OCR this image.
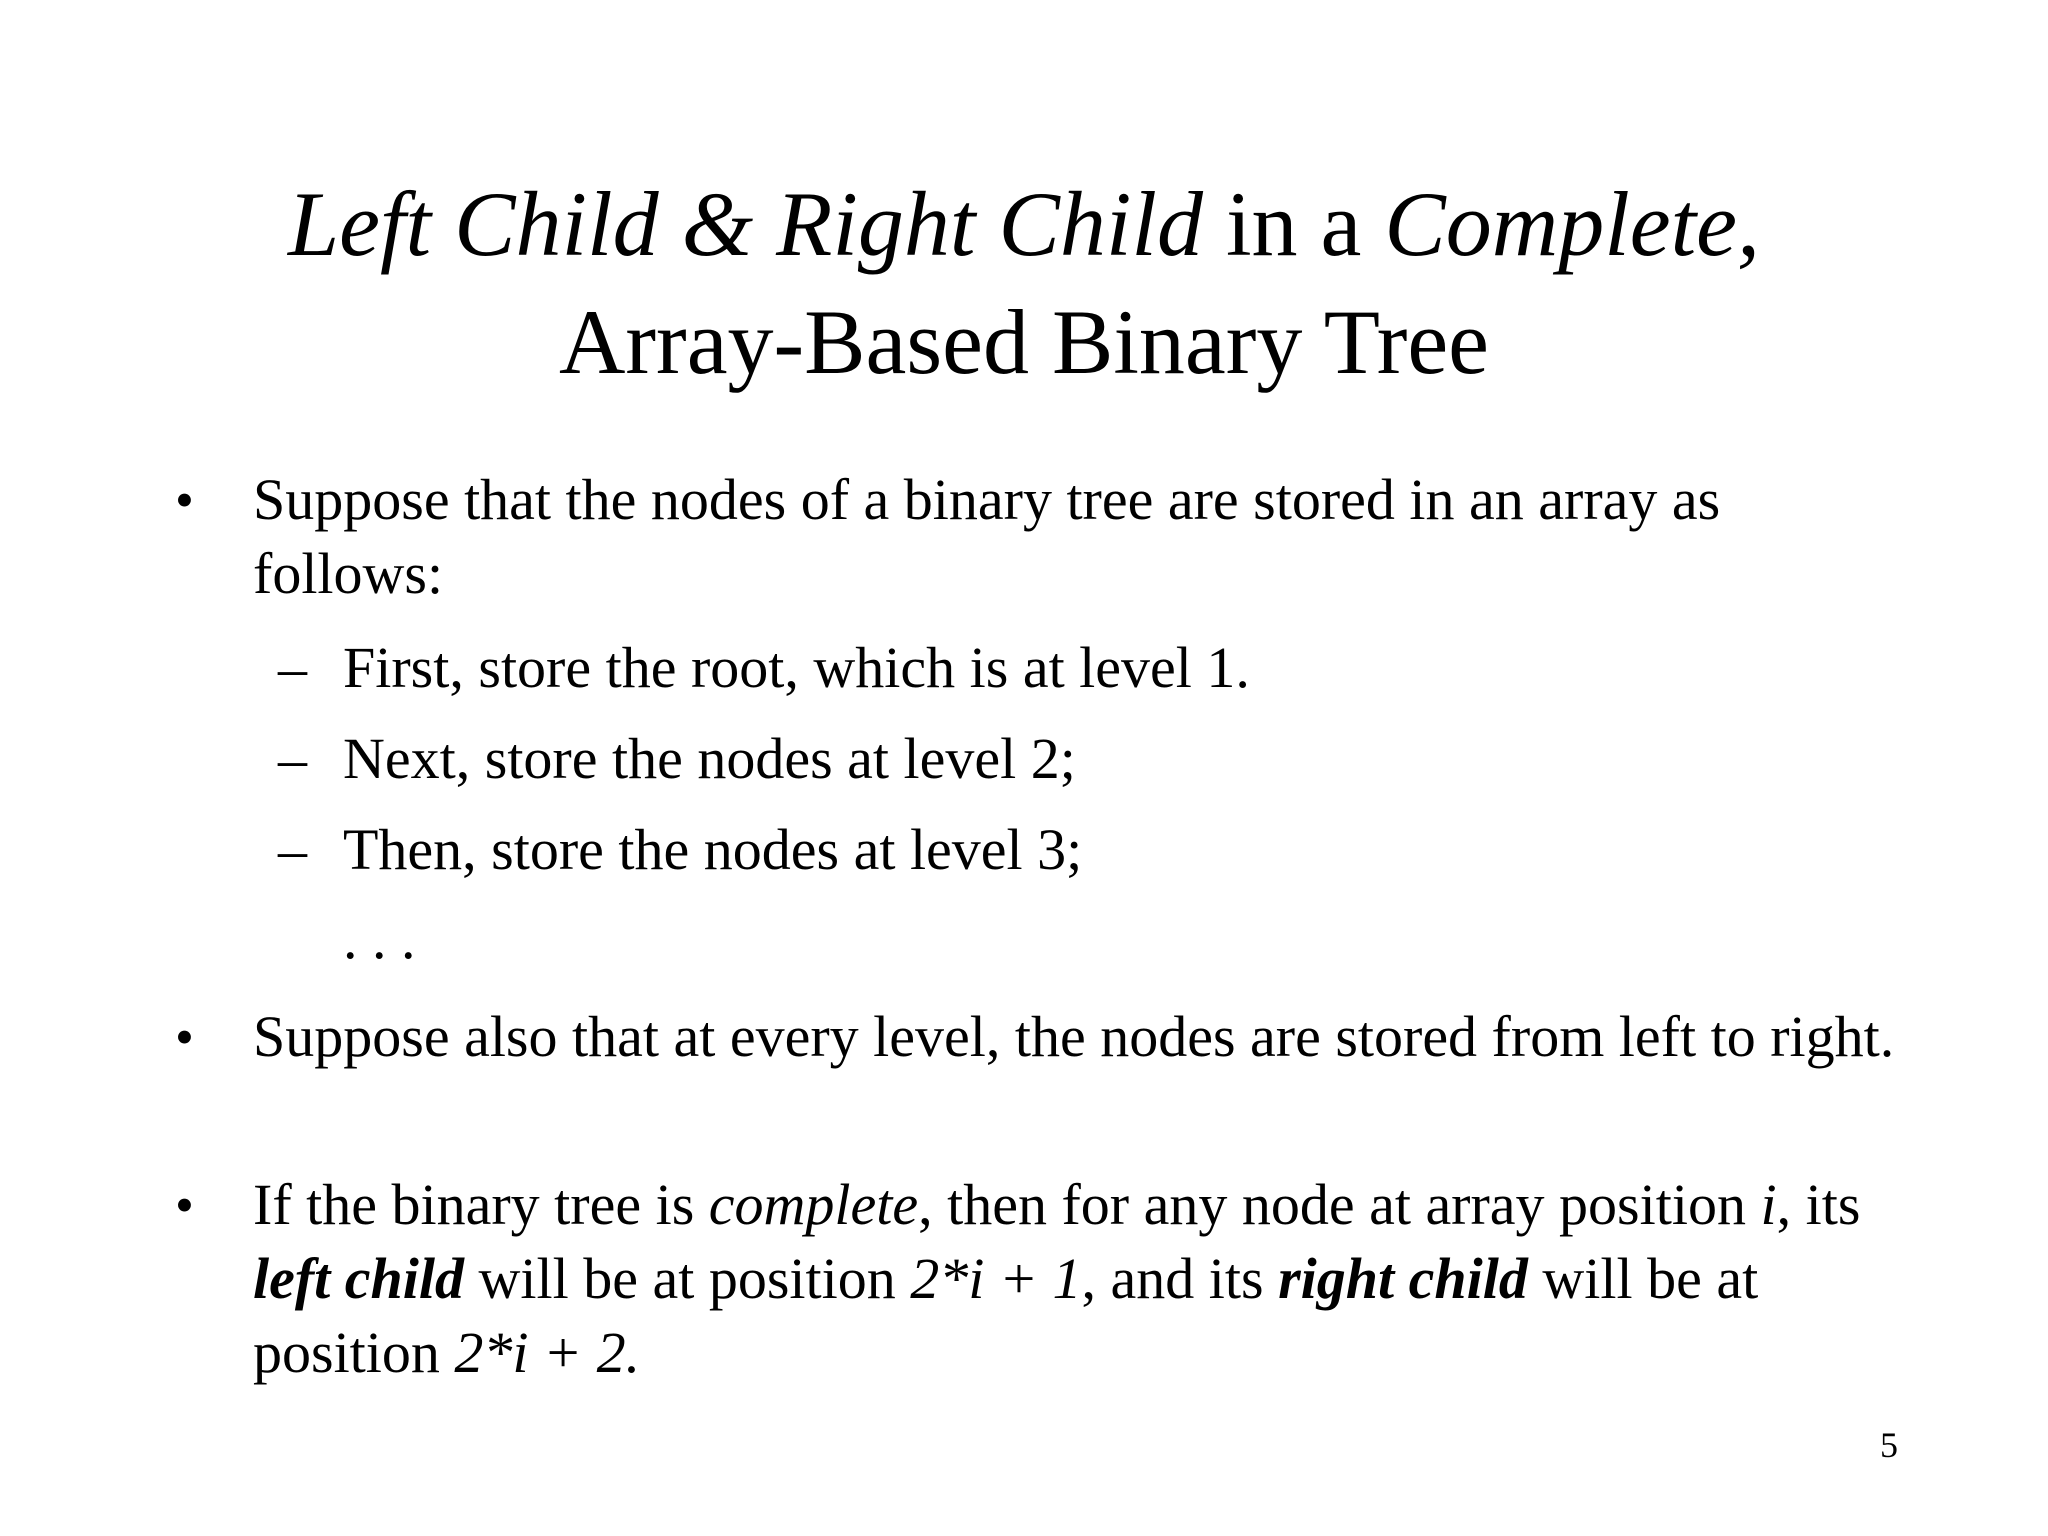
Left Child & Right Child in a Complete,
Array-Based Binary Tree
•	Suppose that the nodes of a binary tree are stored in an array as follows:
– First, store the root, which is at level 1.
– Next, store the nodes at level 2;
– Then, store the nodes at level 3;
. . .
•	Suppose also that at every level, the nodes are stored from left to right.
•	If the binary tree is complete, then for any node at array position i, its left child will be at position 2*i + 1, and its right child will be at position 2*i + 2.
5
